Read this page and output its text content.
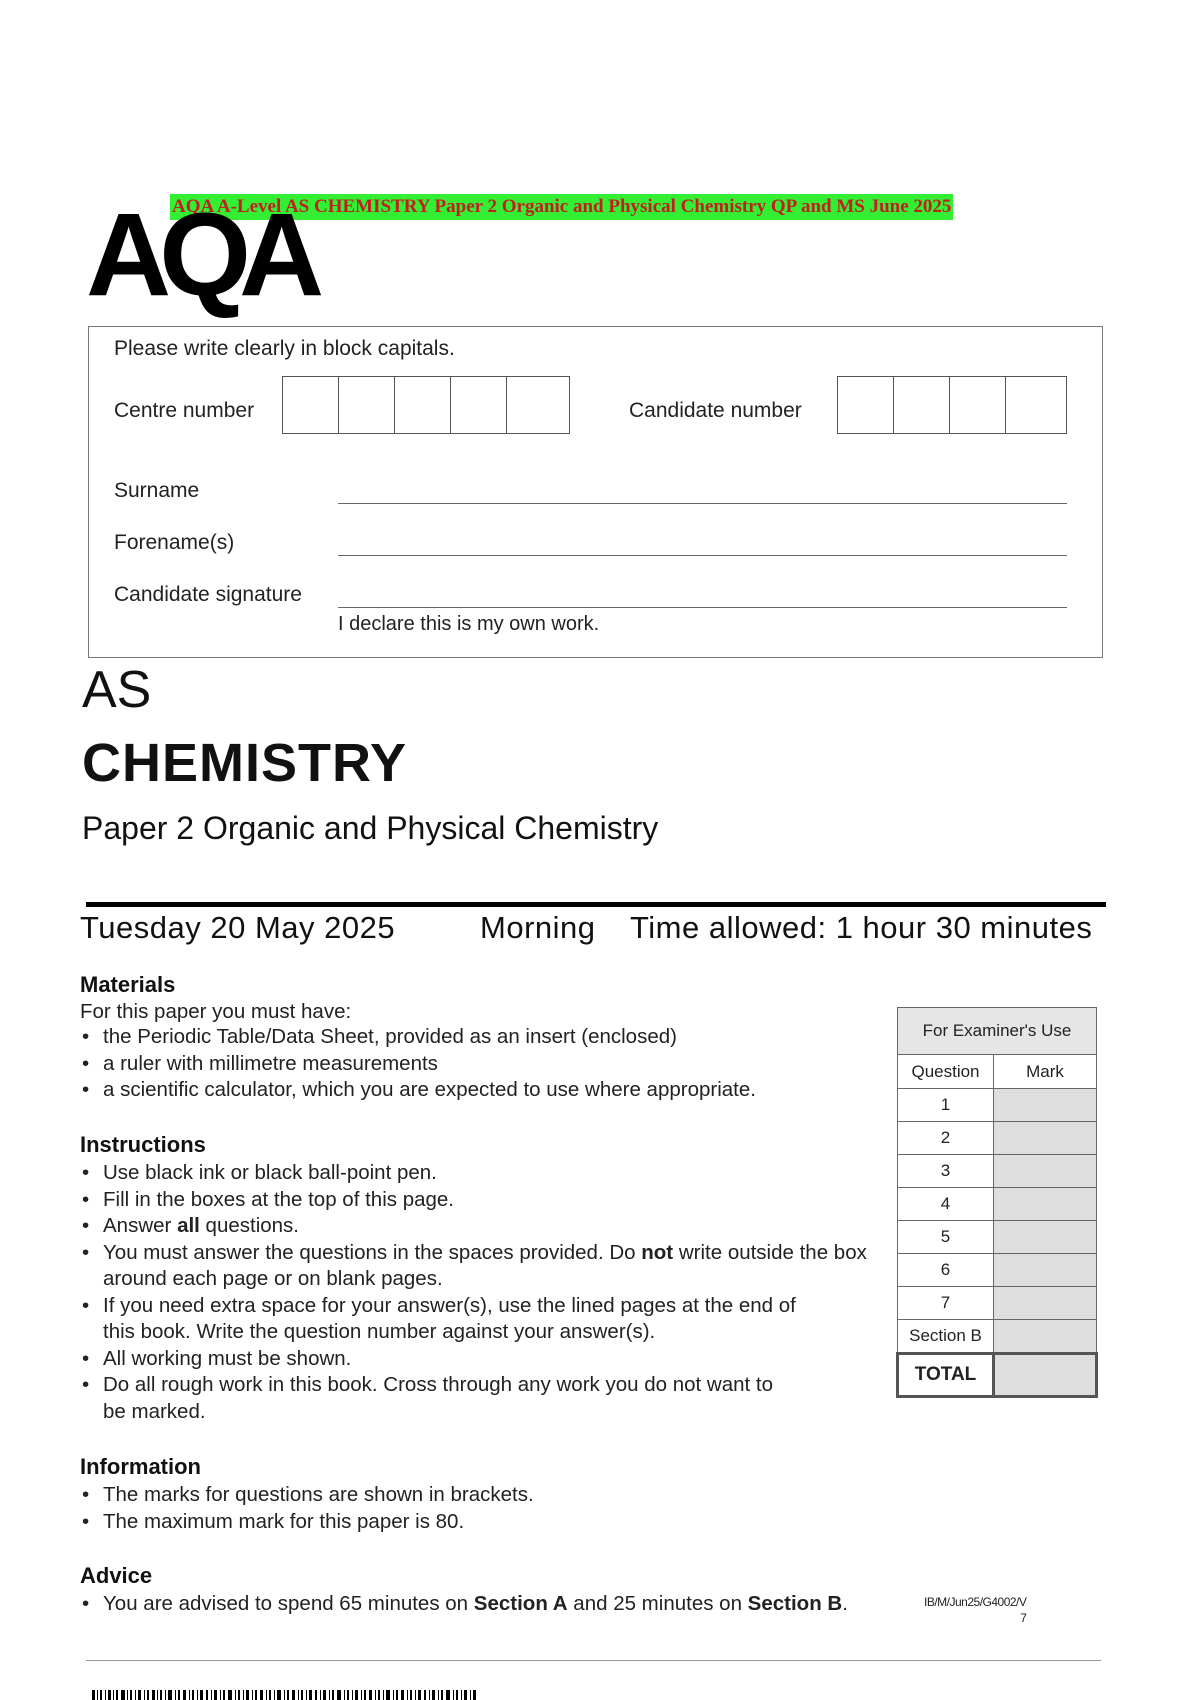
AQA A-Level AS CHEMISTRY Paper 2 Organic and Physical Chemistry QP and MS June 2025
AQA
Please write clearly in block capitals.
Centre number	Candidate number
Surname
Forename(s)
Candidate signature
I declare this is my own work.
AS
CHEMISTRY
Paper 2 Organic and Physical Chemistry
Tuesday 20 May 2025	Morning Time allowed: 1 hour 30 minutes
Materials
For this paper you must have:
• the Periodic Table/Data Sheet, provided as an insert (enclosed)
• a ruler with millimetre measurements
• a scientific calculator, which you are expected to use where appropriate.
Instructions
• Use black ink or black ball-point pen.
• Fill in the boxes at the top of this page.
• Answer all questions.
• You must answer the questions in the spaces provided. Do not write outside the box around each page or on blank pages.
• If you need extra space for your answer(s), use the lined pages at the end of this book. Write the question number against your answer(s).
• All working must be shown.
• Do all rough work in this book. Cross through any work you do not want to be marked.
Information
• The marks for questions are shown in brackets.
• The maximum mark for this paper is 80.
Advice
• You are advised to spend 65 minutes on Section A and 25 minutes on Section B.
For Examiner's Use	
Question	Mark
1	
2	
3	
4	
5	
6	
7	
Section B	
TOTAL	
IB/M/Jun25/G4002/V
7
